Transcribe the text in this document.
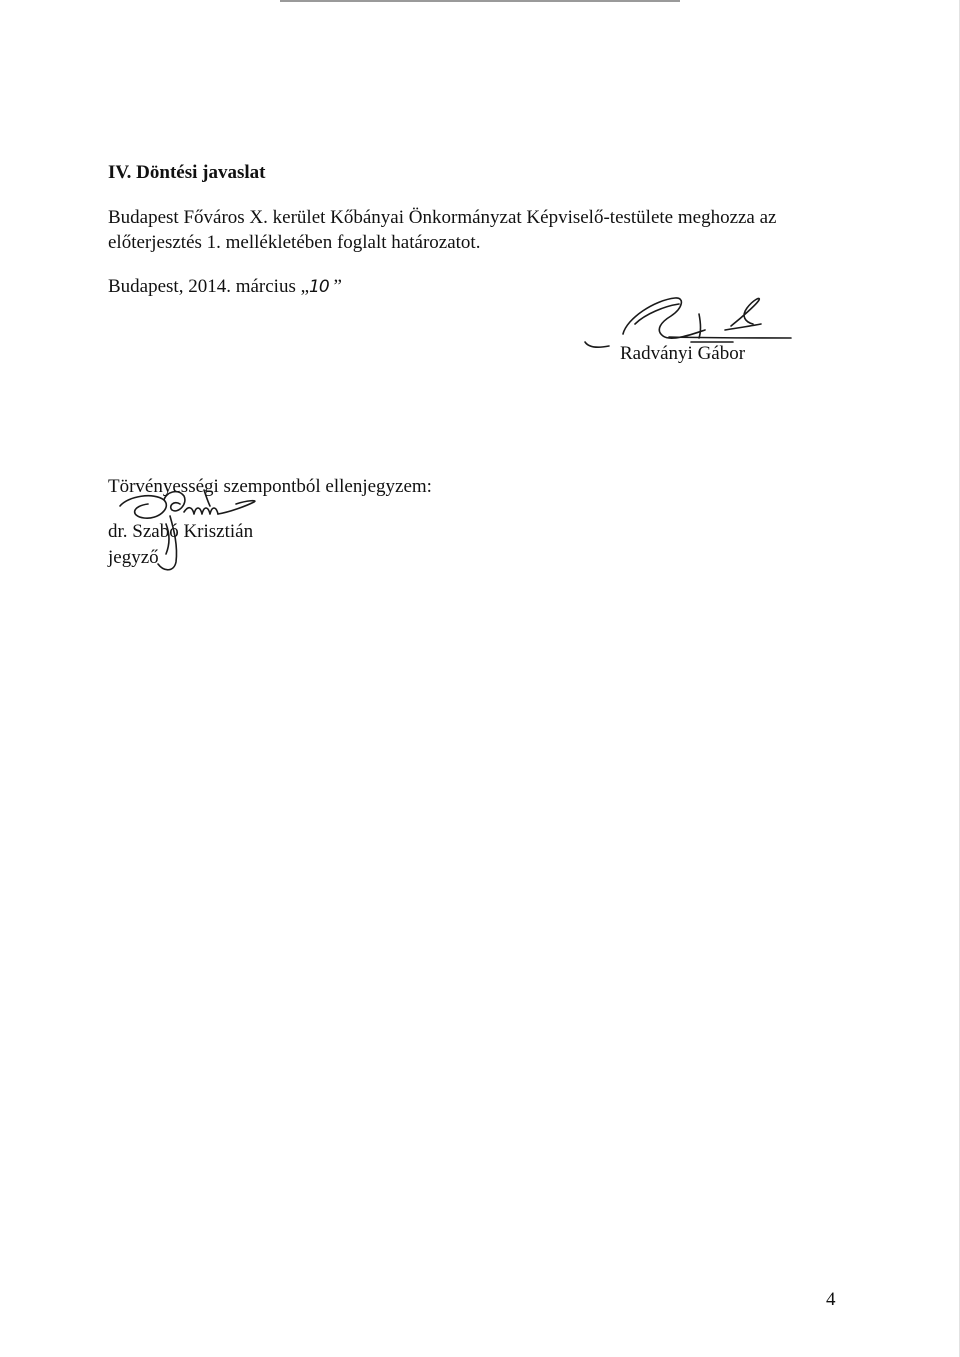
IV. Döntési javaslat

Budapest Főváros X. kerület Kőbányai Önkormányzat Képviselő-testülete meghozza az
előterjesztés 1. mellékletében foglalt határozatot.

Budapest, 2014. március „10 ”

Radványi Gábor

Törvényességi szempontból ellenjegyzem:

dr. Szabó Krisztián

jegyző

4
